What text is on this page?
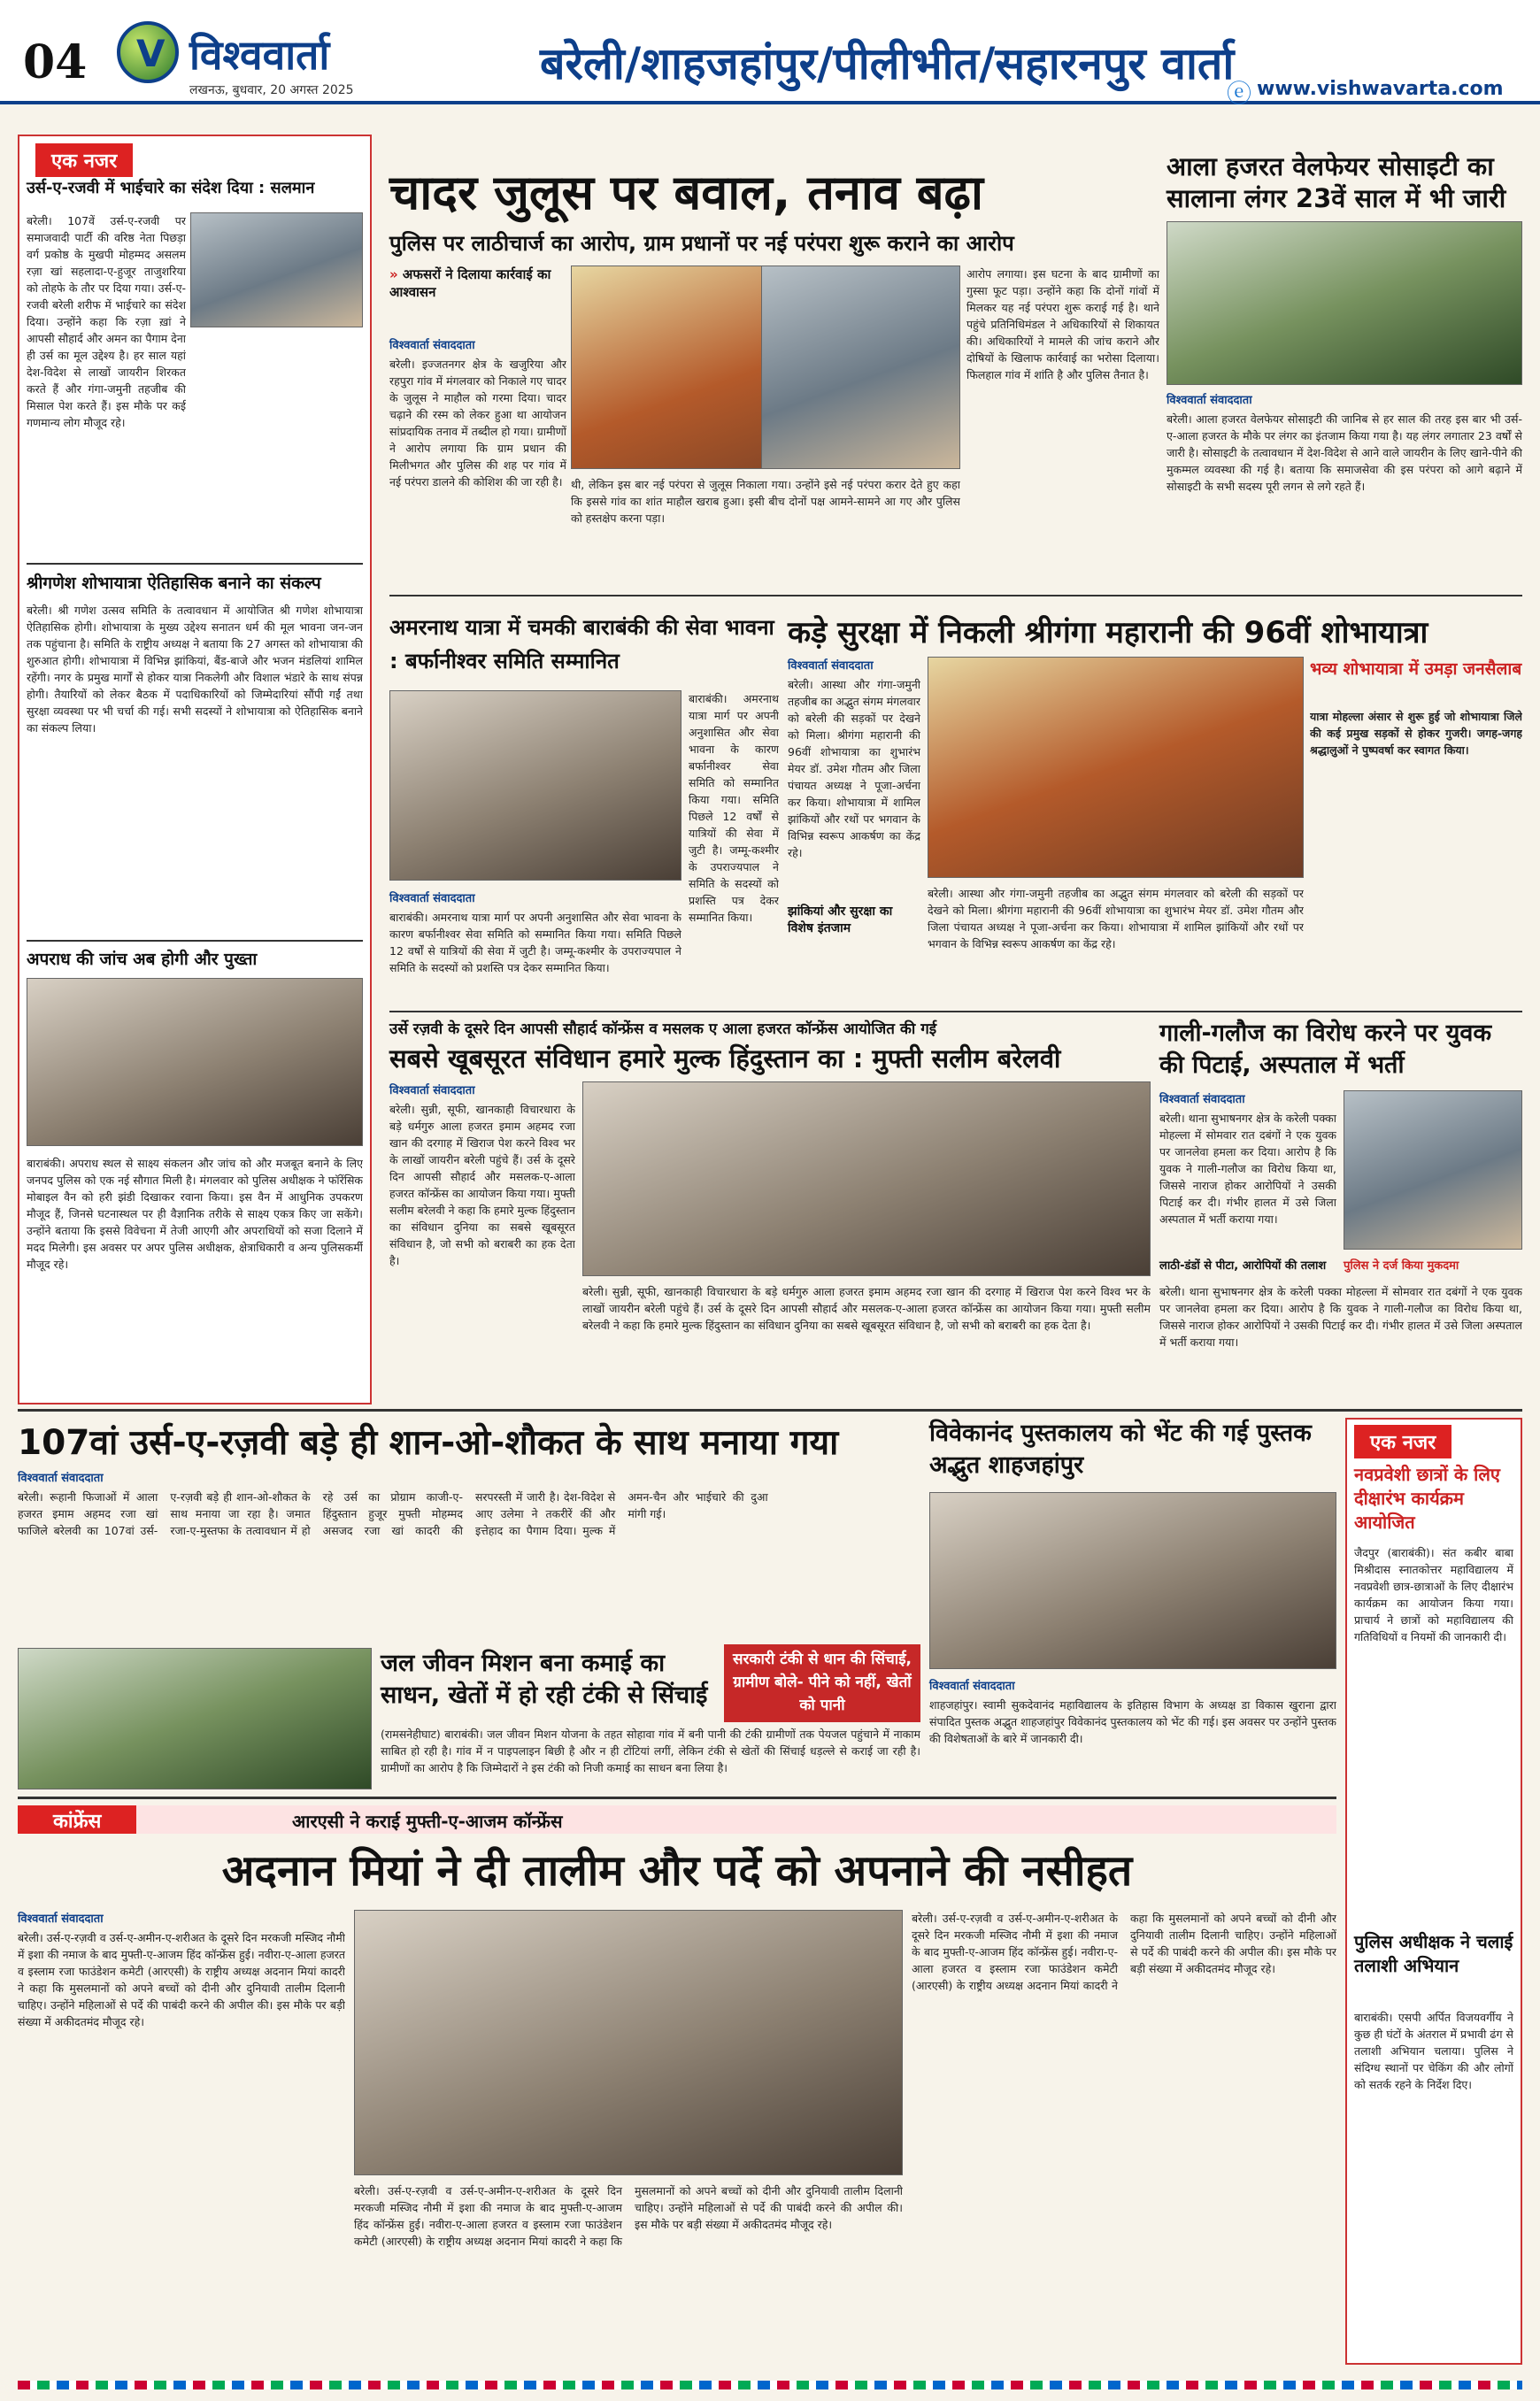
04 V विश्ववार्ता
लखनऊ, बुधवार, 20 अगस्त 2025
बरेली/शाहजहांपुर/पीलीभीत/सहारनपुर वार्ता
ⓔ www.vishwavarta.com
एक नजर
उर्स-ए-रजवी में भाईचारे का संदेश दिया : सलमान
बरेली। 107वें उर्स-ए-रजवी पर समाजवादी पार्टी की वरिष्ठ नेता पिछड़ा वर्ग प्रकोष्ठ के मुखपी मोहम्मद असलम रज़ा खां सहलादा-ए-हुजूर ताजुशरिया को तोहफे के तौर पर दिया गया। उर्स-ए-रजवी बरेली शरीफ में भाईचारे का संदेश दिया। उन्होंने कहा कि रज़ा ख़ां ने आपसी सौहार्द और अमन का पैगाम देना ही उर्स का मूल उद्देश्य है। हर साल यहां देश-विदेश से लाखों जायरीन शिरकत करते हैं और गंगा-जमुनी तहजीब की मिसाल पेश करते हैं। इस मौके पर कई गणमान्य लोग मौजूद रहे।
श्रीगणेश शोभायात्रा ऐतिहासिक बनाने का संकल्प
बरेली। श्री गणेश उत्सव समिति के तत्वावधान में आयोजित श्री गणेश शोभायात्रा ऐतिहासिक होगी। शोभायात्रा के मुख्य उद्देश्य सनातन धर्म की मूल भावना जन-जन तक पहुंचाना है। समिति के राष्ट्रीय अध्यक्ष ने बताया कि 27 अगस्त को शोभायात्रा की शुरुआत होगी। शोभायात्रा में विभिन्न झांकियां, बैंड-बाजे और भजन मंडलियां शामिल रहेंगी। नगर के प्रमुख मार्गों से होकर यात्रा निकलेगी और विशाल भंडारे के साथ संपन्न होगी। तैयारियों को लेकर बैठक में पदाधिकारियों को जिम्मेदारियां सौंपी गईं तथा सुरक्षा व्यवस्था पर भी चर्चा की गई। सभी सदस्यों ने शोभायात्रा को ऐतिहासिक बनाने का संकल्प लिया।
अपराध की जांच अब होगी और पुख्ता
बाराबंकी। अपराध स्थल से साक्ष्य संकलन और जांच को और मजबूत बनाने के लिए जनपद पुलिस को एक नई सौगात मिली है। मंगलवार को पुलिस अधीक्षक ने फॉरेंसिक मोबाइल वैन को हरी झंडी दिखाकर रवाना किया। इस वैन में आधुनिक उपकरण मौजूद हैं, जिनसे घटनास्थल पर ही वैज्ञानिक तरीके से साक्ष्य एकत्र किए जा सकेंगे। उन्होंने बताया कि इससे विवेचना में तेजी आएगी और अपराधियों को सजा दिलाने में मदद मिलेगी। इस अवसर पर अपर पुलिस अधीक्षक, क्षेत्राधिकारी व अन्य पुलिसकर्मी मौजूद रहे।
चादर जुलूस पर बवाल, तनाव बढ़ा
पुलिस पर लाठीचार्ज का आरोप, ग्राम प्रधानों पर नई परंपरा शुरू कराने का आरोप
» अफसरों ने दिलाया कार्रवाई का आश्वासन
विश्ववार्ता संवाददाता
बरेली। इज्जतनगर क्षेत्र के खजुरिया और रहपुरा गांव में मंगलवार को निकाले गए चादर के जुलूस ने माहौल को गरमा दिया। चादर चढ़ाने की रस्म को लेकर हुआ था आयोजन सांप्रदायिक तनाव में तब्दील हो गया। ग्रामीणों ने आरोप लगाया कि ग्राम प्रधान की मिलीभगत और पुलिस की शह पर गांव में नई परंपरा डालने की कोशिश की जा रही है। थी, लेकिन इस बार नई परंपरा से जुलूस निकाला गया। उन्होंने इसे नई परंपरा करार देते हुए कहा कि इससे गांव का शांत माहौल खराब हुआ। इसी बीच दोनों पक्ष आमने-सामने आ गए और पुलिस को हस्तक्षेप करना पड़ा।
आरोप लगाया। इस घटना के बाद ग्रामीणों का गुस्सा फूट पड़ा। उन्होंने कहा कि दोनों गांवों में मिलकर यह नई परंपरा शुरू कराई गई है। थाने पहुंचे प्रतिनिधिमंडल ने अधिकारियों से शिकायत की। अधिकारियों ने मामले की जांच कराने और दोषियों के खिलाफ कार्रवाई का भरोसा दिलाया। फिलहाल गांव में शांति है और पुलिस तैनात है।
आला हजरत वेलफेयर सोसाइटी का सालाना लंगर 23वें साल में भी जारी
विश्ववार्ता संवाददाता
बरेली। आला हजरत वेलफेयर सोसाइटी की जानिब से हर साल की तरह इस बार भी उर्स-ए-आला हजरत के मौके पर लंगर का इंतजाम किया गया है। यह लंगर लगातार 23 वर्षों से जारी है। सोसाइटी के तत्वावधान में देश-विदेश से आने वाले जायरीन के लिए खाने-पीने की मुकम्मल व्यवस्था की गई है। बताया कि समाजसेवा की इस परंपरा को आगे बढ़ाने में सोसाइटी के सभी सदस्य पूरी लगन से लगे रहते हैं।
अमरनाथ यात्रा में चमकी बाराबंकी की सेवा भावना : बर्फानीश्वर समिति सम्मानित
विश्ववार्ता संवाददाता
बाराबंकी। अमरनाथ यात्रा मार्ग पर अपनी अनुशासित और सेवा भावना के कारण बर्फानीश्वर सेवा समिति को सम्मानित किया गया। समिति पिछले 12 वर्षों से यात्रियों की सेवा में जुटी है। जम्मू-कश्मीर के उपराज्यपाल ने समिति के सदस्यों को प्रशस्ति पत्र देकर सम्मानित किया।
बाराबंकी। अमरनाथ यात्रा मार्ग पर अपनी अनुशासित और सेवा भावना के कारण बर्फानीश्वर सेवा समिति को सम्मानित किया गया। समिति पिछले 12 वर्षों से यात्रियों की सेवा में जुटी है। जम्मू-कश्मीर के उपराज्यपाल ने समिति के सदस्यों को प्रशस्ति पत्र देकर सम्मानित किया।
कड़े सुरक्षा में निकली श्रीगंगा महारानी की 96वीं शोभायात्रा
विश्ववार्ता संवाददाता
बरेली। आस्था और गंगा-जमुनी तहजीब का अद्भुत संगम मंगलवार को बरेली की सड़कों पर देखने को मिला। श्रीगंगा महारानी की 96वीं शोभायात्रा का शुभारंभ मेयर डॉ. उमेश गौतम और जिला पंचायत अध्यक्ष ने पूजा-अर्चना कर किया। शोभायात्रा में शामिल झांकियों और रथों पर भगवान के विभिन्न स्वरूप आकर्षण का केंद्र रहे।
झांकियां और सुरक्षा का विशेष इंतजाम
बरेली। आस्था और गंगा-जमुनी तहजीब का अद्भुत संगम मंगलवार को बरेली की सड़कों पर देखने को मिला। श्रीगंगा महारानी की 96वीं शोभायात्रा का शुभारंभ मेयर डॉ. उमेश गौतम और जिला पंचायत अध्यक्ष ने पूजा-अर्चना कर किया। शोभायात्रा में शामिल झांकियों और रथों पर भगवान के विभिन्न स्वरूप आकर्षण का केंद्र रहे।
भव्य शोभायात्रा में उमड़ा जनसैलाब
यात्रा मोहल्ला अंसार से शुरू हुई जो शोभायात्रा जिले की कई प्रमुख सड़कों से होकर गुजरी। जगह-जगह श्रद्धालुओं ने पुष्पवर्षा कर स्वागत किया।
उर्से रज़वी के दूसरे दिन आपसी सौहार्द कॉन्फ्रेंस व मसलक ए आला हजरत कॉन्फ्रेंस आयोजित की गई
सबसे खूबसूरत संविधान हमारे मुल्क हिंदुस्तान का : मुफ्ती सलीम बरेलवी
विश्ववार्ता संवाददाता
बरेली। सुन्नी, सूफी, खानकाही विचारधारा के बड़े धर्मगुरु आला हजरत इमाम अहमद रजा खान की दरगाह में खिराज पेश करने विश्व भर के लाखों जायरीन बरेली पहुंचे हैं। उर्स के दूसरे दिन आपसी सौहार्द और मसलक-ए-आला हजरत कॉन्फ्रेंस का आयोजन किया गया। मुफ्ती सलीम बरेलवी ने कहा कि हमारे मुल्क हिंदुस्तान का संविधान दुनिया का सबसे खूबसूरत संविधान है, जो सभी को बराबरी का हक देता है।
बरेली। सुन्नी, सूफी, खानकाही विचारधारा के बड़े धर्मगुरु आला हजरत इमाम अहमद रजा खान की दरगाह में खिराज पेश करने विश्व भर के लाखों जायरीन बरेली पहुंचे हैं। उर्स के दूसरे दिन आपसी सौहार्द और मसलक-ए-आला हजरत कॉन्फ्रेंस का आयोजन किया गया। मुफ्ती सलीम बरेलवी ने कहा कि हमारे मुल्क हिंदुस्तान का संविधान दुनिया का सबसे खूबसूरत संविधान है, जो सभी को बराबरी का हक देता है।
गाली-गलौज का विरोध करने पर युवक की पिटाई, अस्पताल में भर्ती
विश्ववार्ता संवाददाता
बरेली। थाना सुभाषनगर क्षेत्र के करेली पक्का मोहल्ला में सोमवार रात दबंगों ने एक युवक पर जानलेवा हमला कर दिया। आरोप है कि युवक ने गाली-गलौज का विरोध किया था, जिससे नाराज होकर आरोपियों ने उसकी पिटाई कर दी। गंभीर हालत में उसे जिला अस्पताल में भर्ती कराया गया।
पुलिस ने दर्ज किया मुकदमा
लाठी-डंडों से पीटा, आरोपियों की तलाश
बरेली। थाना सुभाषनगर क्षेत्र के करेली पक्का मोहल्ला में सोमवार रात दबंगों ने एक युवक पर जानलेवा हमला कर दिया। आरोप है कि युवक ने गाली-गलौज का विरोध किया था, जिससे नाराज होकर आरोपियों ने उसकी पिटाई कर दी। गंभीर हालत में उसे जिला अस्पताल में भर्ती कराया गया।
107वां उर्स-ए-रज़वी बड़े ही शान-ओ-शौकत के साथ मनाया गया
विश्ववार्ता संवाददाता
बरेली। रूहानी फिजाओं में आला हजरत इमाम अहमद रजा खां फाजिले बरेलवी का 107वां उर्स-ए-रज़वी बड़े ही शान-ओ-शौकत के साथ मनाया जा रहा है। जमात रजा-ए-मुस्तफा के तत्वावधान में हो रहे उर्स का प्रोग्राम काजी-ए-हिंदुस्तान हुजूर मुफ्ती मोहम्मद असजद रजा खां कादरी की सरपरस्ती में जारी है। देश-विदेश से आए उलेमा ने तकरीरें कीं और इत्तेहाद का पैगाम दिया। मुल्क में अमन-चैन और भाईचारे की दुआ मांगी गई।
जल जीवन मिशन बना कमाई का साधन, खेतों में हो रही टंकी से सिंचाई
सरकारी टंकी से धान की सिंचाई, ग्रामीण बोले- पीने को नहीं, खेतों को पानी
(रामसनेहीघाट) बाराबंकी। जल जीवन मिशन योजना के तहत सोहावा गांव में बनी पानी की टंकी ग्रामीणों तक पेयजल पहुंचाने में नाकाम साबित हो रही है। गांव में न पाइपलाइन बिछी है और न ही टोंटियां लगीं, लेकिन टंकी से खेतों की सिंचाई धड़ल्ले से कराई जा रही है। ग्रामीणों का आरोप है कि जिम्मेदारों ने इस टंकी को निजी कमाई का साधन बना लिया है।
विवेकानंद पुस्तकालय को भेंट की गई पुस्तक अद्भुत शाहजहांपुर
विश्ववार्ता संवाददाता
शाहजहांपुर। स्वामी सुकदेवानंद महाविद्यालय के इतिहास विभाग के अध्यक्ष डा विकास खुराना द्वारा संपादित पुस्तक अद्भुत शाहजहांपुर विवेकानंद पुस्तकालय को भेंट की गई। इस अवसर पर उन्होंने पुस्तक की विशेषताओं के बारे में जानकारी दी।
एक नजर
नवप्रवेशी छात्रों के लिए दीक्षारंभ कार्यक्रम आयोजित
जैदपुर (बाराबंकी)। संत कबीर बाबा मिश्रीदास स्नातकोत्तर महाविद्यालय में नवप्रवेशी छात्र-छात्राओं के लिए दीक्षारंभ कार्यक्रम का आयोजन किया गया। प्राचार्य ने छात्रों को महाविद्यालय की गतिविधियों व नियमों की जानकारी दी।
पुलिस अधीक्षक ने चलाई तलाशी अभियान
बाराबंकी। एसपी अर्पित विजयवर्गीय ने कुछ ही घंटों के अंतराल में प्रभावी ढंग से तलाशी अभियान चलाया। पुलिस ने संदिग्ध स्थानों पर चेकिंग की और लोगों को सतर्क रहने के निर्देश दिए।
कांफ्रेंस	आरएसी ने कराई मुफ्ती-ए-आजम कॉन्फ्रेंस
अदनान मियां ने दी तालीम और पर्दे को अपनाने की नसीहत
विश्ववार्ता संवाददाता
बरेली। उर्स-ए-रज़वी व उर्स-ए-अमीन-ए-शरीअत के दूसरे दिन मरकजी मस्जिद नौमी में इशा की नमाज के बाद मुफ्ती-ए-आजम हिंद कॉन्फ्रेंस हुई। नवीरा-ए-आला हजरत व इस्लाम रजा फाउंडेशन कमेटी (आरएसी) के राष्ट्रीय अध्यक्ष अदनान मियां कादरी ने कहा कि मुसलमानों को अपने बच्चों को दीनी और दुनियावी तालीम दिलानी चाहिए। उन्होंने महिलाओं से पर्दे की पाबंदी करने की अपील की। इस मौके पर बड़ी संख्या में अकीदतमंद मौजूद रहे।
बरेली। उर्स-ए-रज़वी व उर्स-ए-अमीन-ए-शरीअत के दूसरे दिन मरकजी मस्जिद नौमी में इशा की नमाज के बाद मुफ्ती-ए-आजम हिंद कॉन्फ्रेंस हुई। नवीरा-ए-आला हजरत व इस्लाम रजा फाउंडेशन कमेटी (आरएसी) के राष्ट्रीय अध्यक्ष अदनान मियां कादरी ने कहा कि मुसलमानों को अपने बच्चों को दीनी और दुनियावी तालीम दिलानी चाहिए। उन्होंने महिलाओं से पर्दे की पाबंदी करने की अपील की। इस मौके पर बड़ी संख्या में अकीदतमंद मौजूद रहे।
बरेली। उर्स-ए-रज़वी व उर्स-ए-अमीन-ए-शरीअत के दूसरे दिन मरकजी मस्जिद नौमी में इशा की नमाज के बाद मुफ्ती-ए-आजम हिंद कॉन्फ्रेंस हुई। नवीरा-ए-आला हजरत व इस्लाम रजा फाउंडेशन कमेटी (आरएसी) के राष्ट्रीय अध्यक्ष अदनान मियां कादरी ने कहा कि मुसलमानों को अपने बच्चों को दीनी और दुनियावी तालीम दिलानी चाहिए। उन्होंने महिलाओं से पर्दे की पाबंदी करने की अपील की। इस मौके पर बड़ी संख्या में अकीदतमंद मौजूद रहे।
